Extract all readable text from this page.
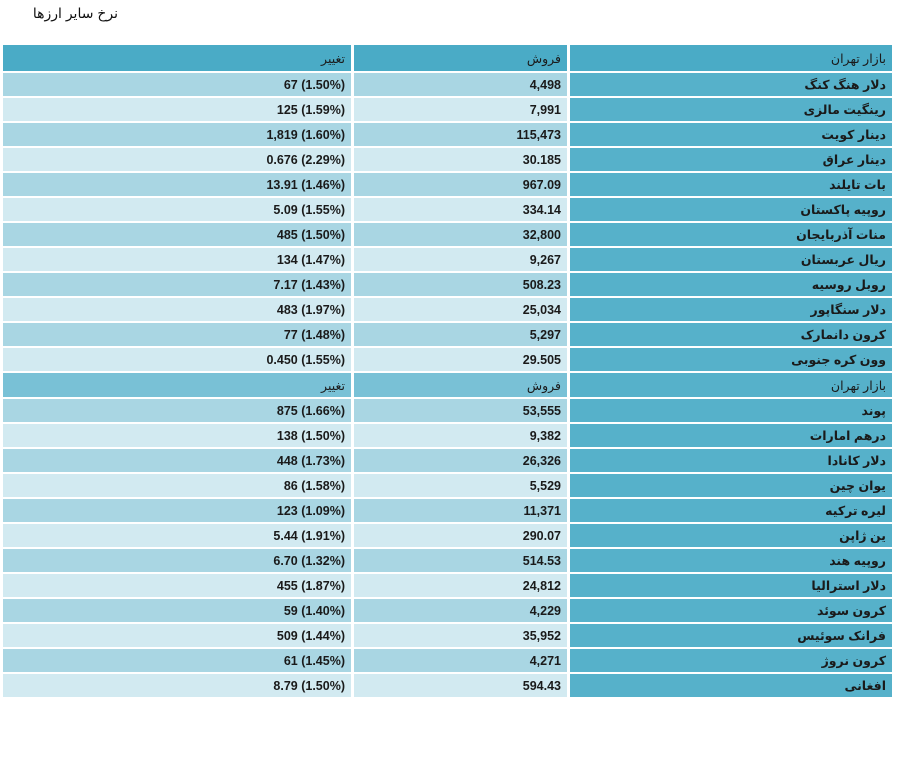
نرخ سایر ارزها
بازار تهران	فروش	تغییر
دلار هنگ کنگ	4,498	(1.50%) 67
رینگیت مالزی	7,991	(1.59%) 125
دینار کویت	115,473	(1.60%) 1,819
دینار عراق	30.185	(2.29%) 0.676
بات تایلند	967.09	(1.46%) 13.91
روپیه پاکستان	334.14	(1.55%) 5.09
منات آذربایجان	32,800	(1.50%) 485
ریال عربستان	9,267	(1.47%) 134
روبل روسیه	508.23	(1.43%) 7.17
دلار سنگاپور	25,034	(1.97%) 483
کرون دانمارک	5,297	(1.48%) 77
وون کره جنوبی	29.505	(1.55%) 0.450
بازار تهران	فروش	تغییر
پوند	53,555	(1.66%) 875
درهم امارات	9,382	(1.50%) 138
دلار کانادا	26,326	(1.73%) 448
یوان چین	5,529	(1.58%) 86
لیره ترکیه	11,371	(1.09%) 123
ین ژاپن	290.07	(1.91%) 5.44
روپیه هند	514.53	(1.32%) 6.70
دلار استرالیا	24,812	(1.87%) 455
کرون سوئد	4,229	(1.40%) 59
فرانک سوئیس	35,952	(1.44%) 509
کرون نروژ	4,271	(1.45%) 61
افغانی	594.43	(1.50%) 8.79
